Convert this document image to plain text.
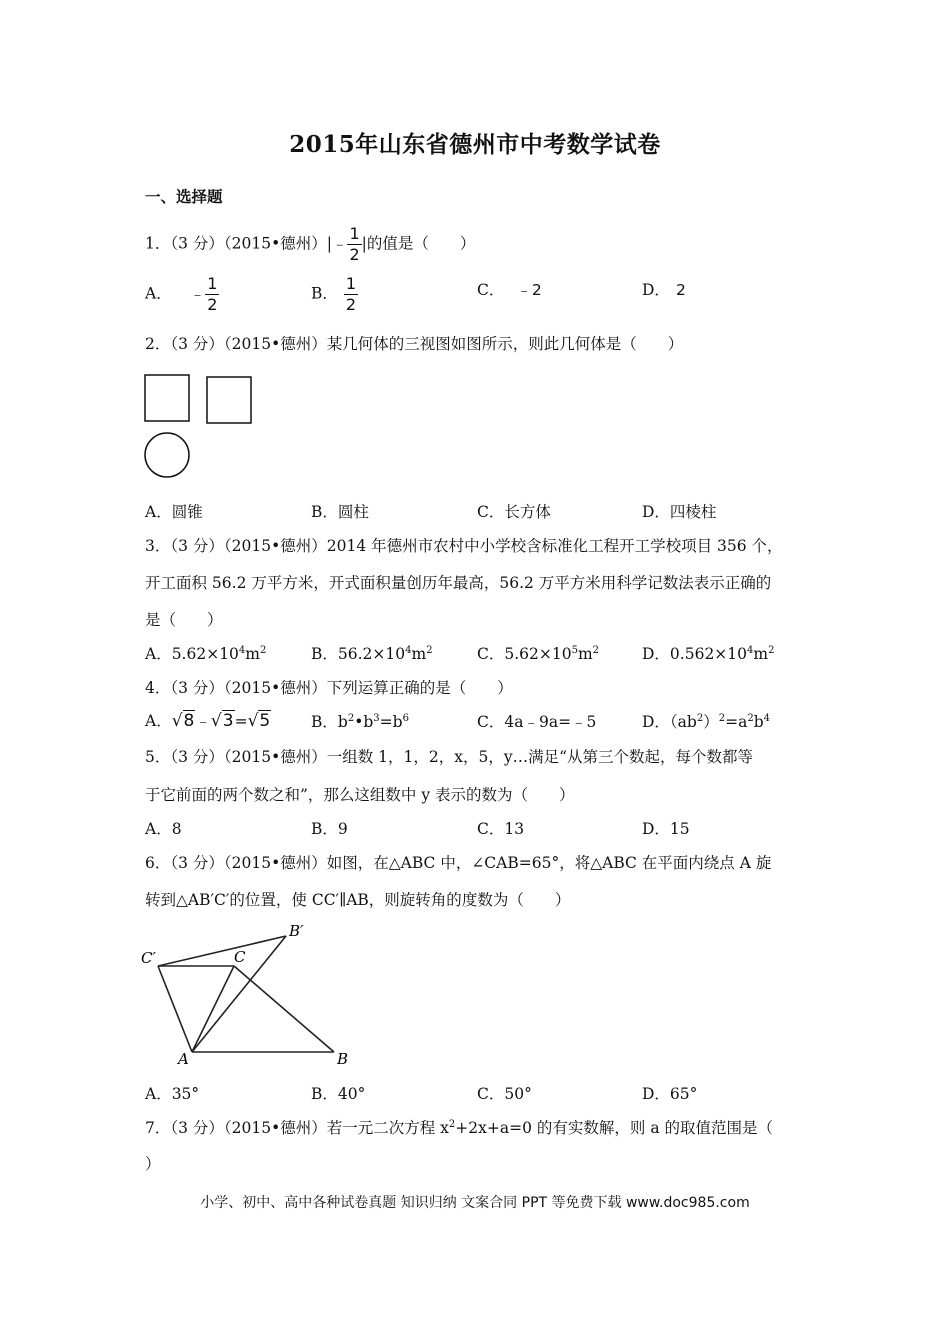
2015年山东省德州市中考数学试卷
一、选择题
1．（3 分）（2015•德州）|﹣ $\frac{1}{2}$ |的值是（　　）
A． ﹣ $\frac{1}{2}$	B． $\frac{1}{2}$	C． ﹣2	D． 2
2．（3 分）（2015•德州）某几何体的三视图如图所示，则此几何体是（　　）
A．圆锥	B．圆柱	C．长方体	D．四棱柱
3．（3 分）（2015•德州）2014 年德州市农村中小学校含标准化工程开工学校项目 356 个，
开工面积 56.2 万平方米，开式面积量创历年最高，56.2 万平方米用科学记数法表示正确的
是（　　）
A．$5.62\times 10^4m^2$	B．$56.2\times 10^4m^2$	C．$5.62\times 10^5m^2$	D．$0.562\times 10^4m^2$
4．（3 分）（2015•德州）下列运算正确的是（　　）
A．√8﹣√3=√5	B．$b^2•b^3=b^6$	C．4a﹣9a=﹣5	D．$(ab^2)^2=a^2b^4$
5．（3 分）（2015•德州）一组数 1，1，2，x，5，y…满足“从第三个数起，每个数都等
于它前面的两个数之和”，那么这组数中 y 表示的数为（　　）
A．8	B．9	C．13	D．15
6．（3 分）（2015•德州）如图，在△ABC 中，∠CAB=65°，将△ABC 在平面内绕点 A 旋
转到△AB′C′的位置，使 CC′∥AB，则旋转角的度数为（　　）
C′	C
B′
A	B
A．35°	B．40°	C．50°	D．65°
7．（3 分）（2015•德州）若一元二次方程 $x^2+2x+a=0$ 的有实数解，则 a 的取值范围是（
）
小学、初中、高中各种试卷真题 知识归纳 文案合同 PPT 等免费下载 www.doc985.com
